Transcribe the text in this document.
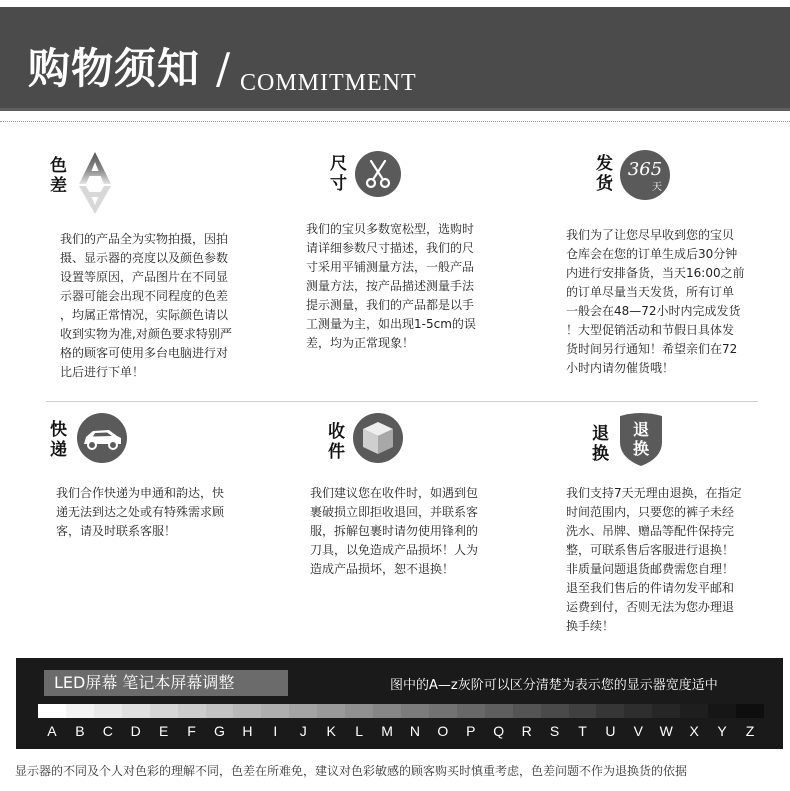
购物须知 / COMMITMENT
色差
我们的产品全为实物拍摄，因拍
摄、显示器的亮度以及颜色参数
设置等原因，产品图片在不同显
示器可能会出现不同程度的色差
，均属正常情况，实际颜色请以
收到实物为准,对颜色要求特别严
格的顾客可使用多台电脑进行对
比后进行下单！
尺寸
我们的宝贝多数宽松型，选购时
请详细参数尺寸描述，我们的尺
寸采用平铺测量方法，一般产品
测量方法，按产品描述测量手法
提示测量，我们的产品都是以手
工测量为主，如出现1-5cm的误
差，均为正常现象！
发货
365
天
我们为了让您尽早收到您的宝贝
仓库会在您的订单生成后30分钟
内进行安排备货，当天16:00之前
的订单尽量当天发货，所有订单
一般会在48—72小时内完成发货
！大型促销活动和节假日具体发
货时间另行通知！希望亲们在72
小时内请勿催货哦！
快递
我们合作快递为申通和韵达，快
递无法到达之处或有特殊需求顾
客，请及时联系客服！
收件
我们建议您在收件时，如遇到包
裹破损立即拒收退回，并联系客
服，拆解包裹时请勿使用锋利的
刀具，以免造成产品损坏！人为
造成产品损坏，恕不退换！
退换
退换
我们支持7天无理由退换，在指定
时间范围内，只要您的裤子未经
洗水、吊牌、赠品等配件保持完
整，可联系售后客服进行退换！
非质量问题退货邮费需您自理！
退至我们售后的件请勿发平邮和
运费到付，否则无法为您办理退
换手续！
LED屏幕 笔记本屏幕调整	图中的A—z灰阶可以区分清楚为表示您的显示器宽度适中
A	B	C	D	E	F	G	H	I	J	K	L	M	N	O	P	Q	R	S	T	U	V	W	X	Y	Z
显示器的不同及个人对色彩的理解不同，色差在所难免，建议对色彩敏感的顾客购买时慎重考虑，色差问题不作为退换货的依据
